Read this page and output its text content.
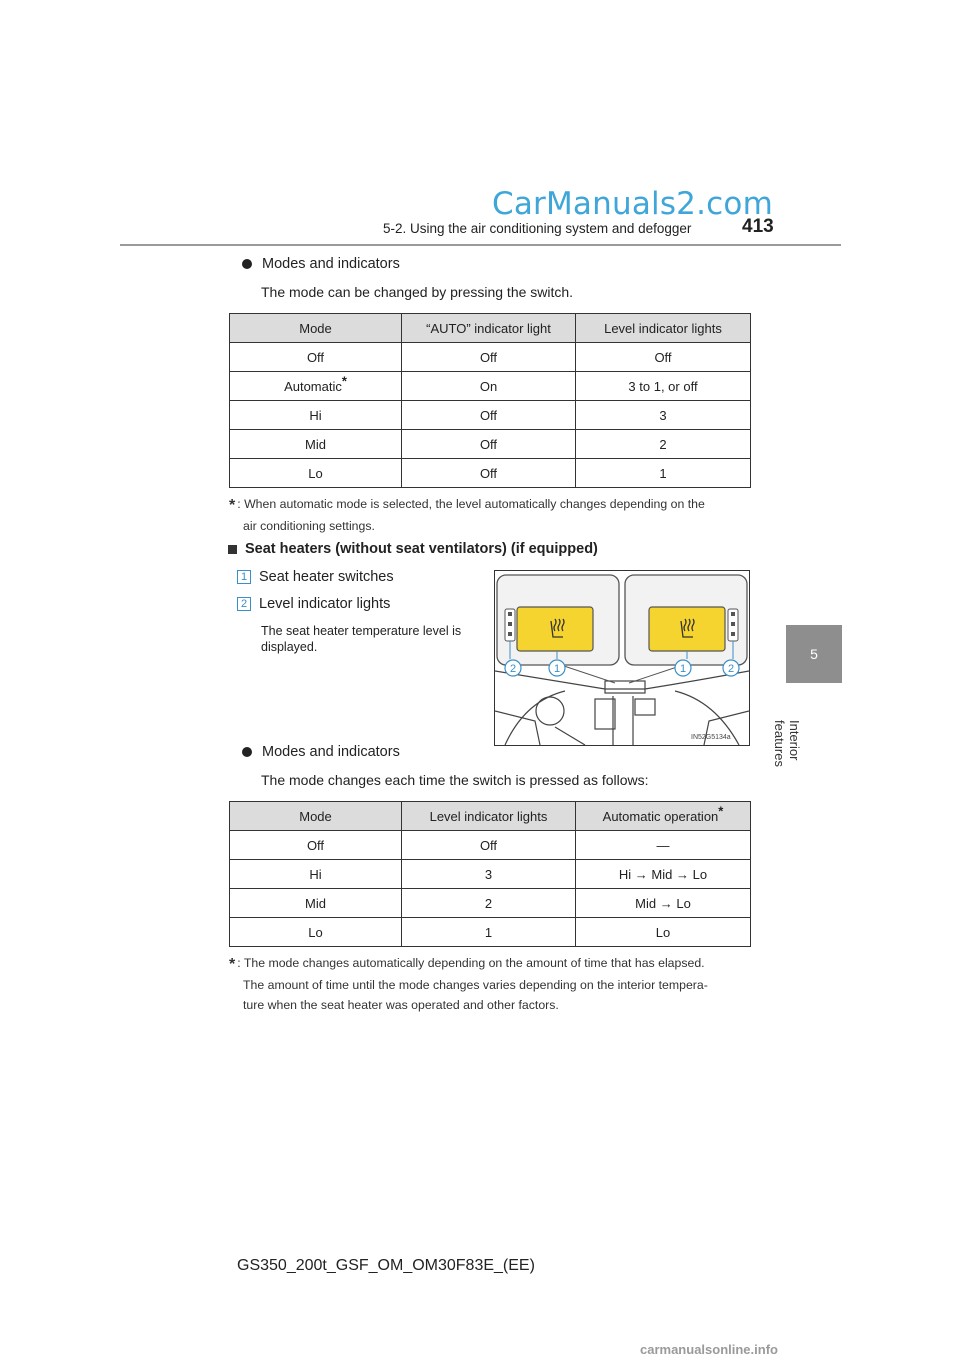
CarManuals2.com
5-2. Using the air conditioning system and defogger	413
5
Interior features
Modes and indicators
The mode can be changed by pressing the switch.
Mode	“AUTO” indicator light	Level indicator lights
Off	Off	Off
Automatic*	On	3 to 1, or off
Hi	Off	3
Mid	Off	2
Lo	Off	1
* : When automatic mode is selected, the level automatically changes depending on the
air conditioning settings.
Seat heaters (without seat ventilators) (if equipped)
1 Seat heater switches
2 Level indicator lights
The seat heater temperature level is
displayed.
2	1	1	2
IN52G5134a
Modes and indicators
The mode changes each time the switch is pressed as follows:
Mode	Level indicator lights	Automatic operation*
Off	Off	—
Hi	3	Hi → Mid → Lo
Mid	2	Mid → Lo
Lo	1	Lo
* : The mode changes automatically depending on the amount of time that has elapsed.
The amount of time until the mode changes varies depending on the interior tempera-
ture when the seat heater was operated and other factors.
GS350_200t_GSF_OM_OM30F83E_(EE)
carmanualsonline.info
